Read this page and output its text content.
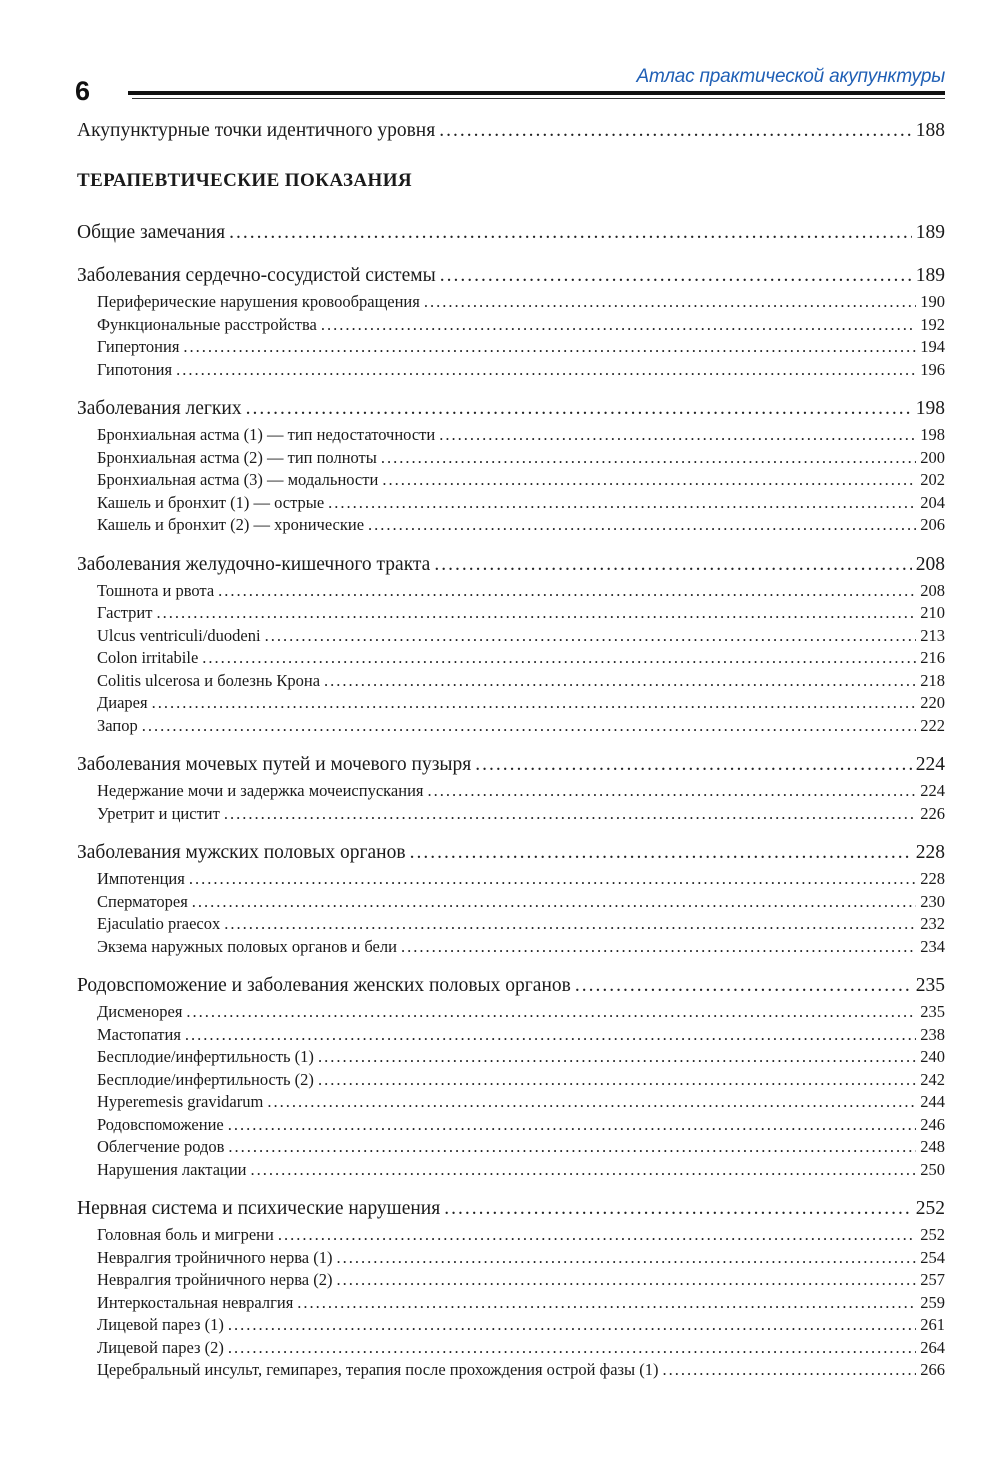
6	Атлас практической акупунктуры
Акупунктурные точки идентичного уровня .....	188
ТЕРАПЕВТИЧЕСКИЕ ПОКАЗАНИЯ
Общие замечания .....	189
Заболевания сердечно-сосудистой системы .....	189
Периферические нарушения кровообращения .....	190
Функциональные расстройства .....	192
Гипертония .....	194
Гипотония .....	196
Заболевания легких .....	198
Бронхиальная астма (1) — тип недостаточности .....	198
Бронхиальная астма (2) — тип полноты .....	200
Бронхиальная астма (3) — модальности .....	202
Кашель и бронхит (1) — острые .....	204
Кашель и бронхит (2) — хронические .....	206
Заболевания желудочно-кишечного тракта .....	208
Тошнота и рвота .....	208
Гастрит .....	210
Ulcus ventriculi/duodeni .....	213
Colon irritabile .....	216
Colitis ulcerosa и болезнь Крона .....	218
Диарея .....	220
Запор .....	222
Заболевания мочевых путей и мочевого пузыря .....	224
Недержание мочи и задержка мочеиспускания .....	224
Уретрит и цистит .....	226
Заболевания мужских половых органов .....	228
Импотенция .....	228
Сперматорея .....	230
Ejaculatio praecox .....	232
Экзема наружных половых органов и бели .....	234
Родовспоможение и заболевания женских половых органов .....	235
Дисменорея .....	235
Мастопатия .....	238
Бесплодие/инфертильность (1) .....	240
Бесплодие/инфертильность (2) .....	242
Hyperemesis gravidarum .....	244
Родовспоможение .....	246
Облегчение родов .....	248
Нарушения лактации .....	250
Нервная система и психические нарушения .....	252
Головная боль и мигрени .....	252
Невралгия тройничного нерва (1) .....	254
Невралгия тройничного нерва (2) .....	257
Интеркостальная невралгия .....	259
Лицевой парез (1) .....	261
Лицевой парез (2) .....	264
Церебральный инсульт, гемипарез, терапия после прохождения острой фазы (1) .....	266
